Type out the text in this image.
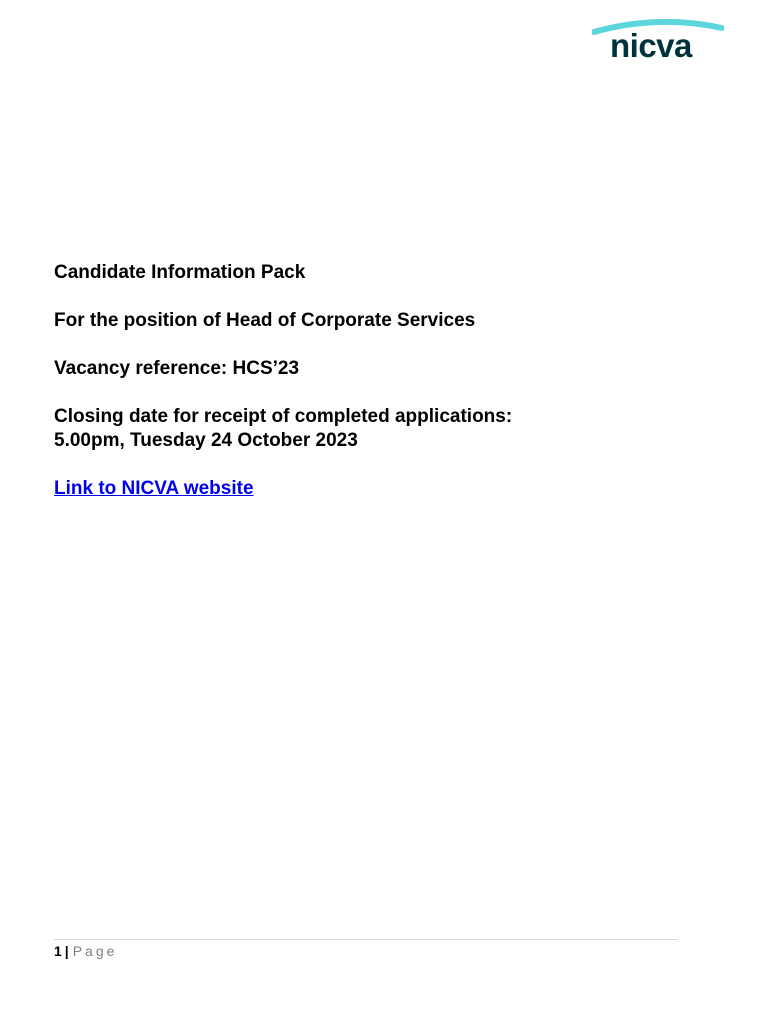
nicva

Candidate Information Pack

For the position of Head of Corporate Services

Vacancy reference: HCS’23

Closing date for receipt of completed applications:

5.00pm, Tuesday 24 October 2023

Link to NICVA website

1 | Page
